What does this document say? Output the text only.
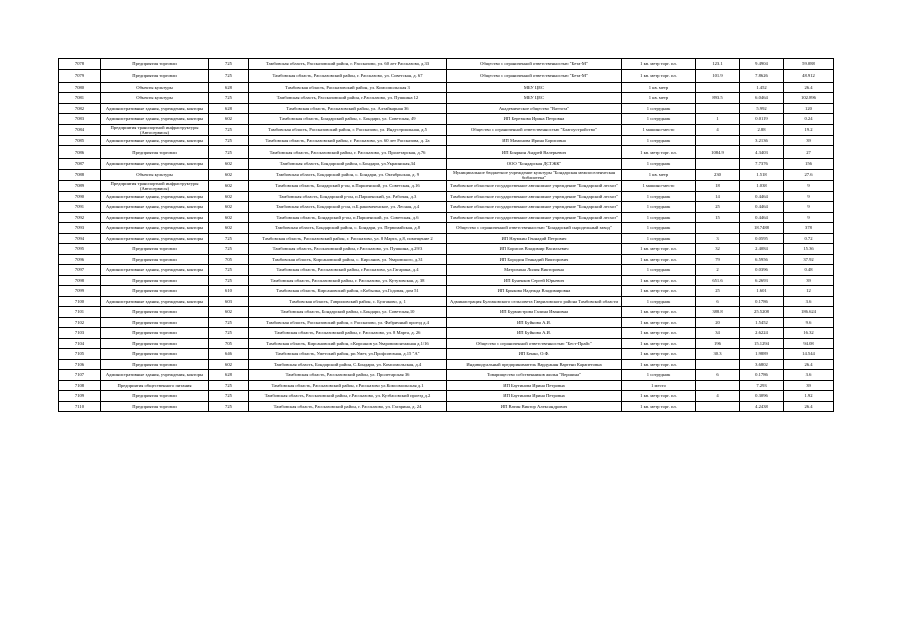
7078	Предприятия торговли	725	Тамбовская область, Рассказовский район, г. Рассказово, ул. 60 лет Рассказова, д.33	Общество с ограниченной ответственностью "Бета-М"	1 кв. метр торг. пл.	123.1	9.4904	59.088
7079	Предприятия торговли	725	Тамбовская область, Рассказовский район, г. Рассказово, ул. Советская, д. 67	Общество с ограниченной ответственностью "Бета-М"	1 кв. метр торг. пл.	101.9	7.8626	48.912
7080	Объекты культуры	628	Тамбовская область, Рассказовский район, ул. Комсомольская 3	МБУ ЦЕС	1 кв. метр		1.452	26.4
7081	Объекты культуры	725	Тамбовская область, Рассказовский район, г.Рассказово, ул. Пушкина 12	МБУ ЦЕС	1 кв. метр	893.5	6.0464	102.896
7082	Административные здания, учреждения, конторы	628	Тамбовская область, Рассказовский район, ул. Алтайкарная 36	Академическое общество "Ваттота"	1 сотрудник		5.992	120
7083	Административные здания, учреждения, конторы	602	Тамбовская область, Бондарский район, с. Бондари, ул. Советская, 49	ИП Березкова Ирина Петровна	1 сотрудник	1	0.0119	0.24
7084	Предприятия транспортной инфраструктуры (Автосервисы)	725	Тамбовская область, Рассказовский район, г. Рассказово, ул. Индустриальная, д.5	Общество с ограниченной ответственностью "Благоустройство"	1 машино-место	4	2.88	19.2
7085	Административные здания, учреждения, конторы	725	Тамбовская область, Рассказовский район, г. Рассказово, ул. 60 лет Рассказова, д. 2а	ИП Мамонова Ирина Борисовна	1 сотрудник		3.2136	39
7086	Предприятия торговли	725	Тамбовская область, Рассказовский район, г. Рассказово, ул. Пролетарская, д.76	ИП Бояркин Андрей Валерьевич	1 кв. метр торг. пл.	1084.9	4.3403	27
7087	Административные здания, учреждения, конторы	602	Тамбовская область, Бондарский район, с.Бондари, ул.Украинская,34	ООО "Бондарская ДСТЖК"	1 сотрудник		7.7376	156
7088	Объекты культуры	602	Тамбовская область, Бондарский район, с. Бондари, ул. Октябрьская, д. 9	Муниципальное бюджетное учреждение культуры "Бондарская межпоселенческая библиотека"	1 кв. метр	230	1.518	27.6
7089	Предприятия транспортной инфраструктуры (Автосервисы)	602	Тамбовская область, Бондарский р-он, п.Паршенский, ул. Советская, д.16	Тамбовское областное государственное автономное учреждение "Бондарский лесхоз"	1 машино-место	18	1.038	9
7090	Административные здания, учреждения, конторы	602	Тамбовская область, Бондарский р-он, п.Паршенский, ул. Рабочая, д.3	Тамбовское областное государственное автономное учреждение "Бондарский лесхоз"	1 сотрудник	14	0.4464	9
7091	Административные здания, учреждения, конторы	602	Тамбовская область, Бондарский р-он, п.Б.раковиченское, ул. Лесная, д.4	Тамбовское областное государственное автономное учреждение "Бондарский лесхоз"	1 сотрудник	25	0.4464	9
7092	Административные здания, учреждения, конторы	602	Тамбовская область, Бондарский р-он, п.Паршенский, ул. Советская, д.6	Тамбовское областное государственное автономное учреждение "Бондарский лесхоз"	1 сотрудник	15	0.4464	9
7093	Административные здания, учреждения, конторы	602	Тамбовская область, Бондарский район, с. Бондари, ул. Первомайская, д.8	Общество с ограниченной ответственностью "Бондарский сыродельный завод"	1 сотрудник		18.7488	378
7094	Административные здания, учреждения, конторы	725	Тамбовская область, Рассказовский район, г. Рассказово, ул. 8 Марта, д.8, помещение 2	ИП Наумкин Геннадий Петрович	1 сотрудник	3	0.0595	0.72
7095	Предприятия торговли	725	Тамбовская область, Рассказовский район, г.Рассказово, ул. Пушкина, д.29/3	ИП Борисов Владимир Васильевич	1 кв. метр торг. пл.	32	2.4084	15.36
7096	Предприятия торговли	705	Тамбовская область, Кирсановский район, с. Кирсанов, ул. Уваровского, д.31	ИП Бородин Геннадий Викторович	1 кв. метр торг. пл.	79	6.5956	37.92
7097	Административные здания, учреждения, конторы	725	Тамбовская область, Рассказовский район, г.Рассказово, ул.Гагарина, д.4	Матрохина Лилия Викторовна	1 сотрудник	2	0.0396	0.48
7098	Предприятия торговли	725	Тамбовская область, Рассказовский район, г. Рассказово, ул. Кутузовская, д. 38	ИП Буненков Сергей Юрьевич	1 кв. метр торг. пл.	651.6	6.2693	39
7099	Предприятия торговли	610	Тамбовская область, Кирсановский район, г.Кобылка, ул.Годовая, дом 51	ИП Брыкова Надежда Владимировна	1 кв. метр торг. пл.	25	1.601	12
7100	Административные здания, учреждения, конторы	603	Тамбовская область, Гавриловский район, с. Булгаково, д. 1	Администрация Булгаковского сельсовета Гавриловского района Тамбовской области	1 сотрудник	6	0.1786	3.6
7101	Предприятия торговли	602	Тамбовская область, Бондарский район, с.Бондари, ул. Советская,10	ИП Бурмистрова Галина Ивановна	1 кв. метр торг. пл.	388.8	25.5208	186.624
7102	Предприятия торговли	725	Тамбовская область, Рассказовский район, г. Рассказово, ул. Фабричный проезд д.4	ИП Буйнова А.И.	1 кв. метр торг. пл.	20	1.5452	9.6
7103	Предприятия торговли	725	Тамбовская область, Рассказовский район, г. Рассказово, ул. 8 Марта, д. 26	ИП Буйнова А.И.	1 кв. метр торг. пл.	34	2.6224	16.32
7104	Предприятия торговли	705	Тамбовская область, Кирсановский район, г.Кирсанов ул.Уваровомонтажная д.1/16	Общество с ограниченной ответственностью "Бест-Прайс"	1 кв. метр торг. пл.	196	15.1294	94.08
7105	Предприятия торговли	646	Тамбовская область, Уметский район, рп.Умет, ул.Профсоюзная, д.15 "А"	ИП Бенко, О.Ф.	1 кв. метр торг. пл.	30.3	1.9889	14.544
7106	Предприятия торговли	602	Тамбовская область, Бондарский район, С.Бондари, ул. Комсомольская, д.4	Индивидуальный предприниматель Вардуанян Вартени Карапетовна	1 кв. метр торг. пл.		3.6802	26.4
7107	Административные здания, учреждения, конторы	628	Тамбовская область, Рассказовский район, ул. Пролетарская 36	Товарищество собственников жилья "Вершина"	1 сотрудник	6	0.1786	3.6
7108	Предприятия общественного питания	725	Тамбовская область, Рассказовский район, г.Рассказово ул.Комсомольская д.1	ИП Баутинова Ирина Петровна	1 место		7.293	39
7109	Предприятия торговли	725	Тамбовская область, Рассказовский район, г.Рассказово, ул. Кузбасовский проезд д.2	ИП Баутинова Ирина Петровна	1 кв. метр торг. пл.	4	0.3096	1.92
7110	Предприятия торговли	725	Тамбовская область, Рассказовский район, г. Рассказово, ул. Гагарина, д. 24	ИП Ватин Виктор Александрович	1 кв. метр торг. пл.		4.2438	26.4
